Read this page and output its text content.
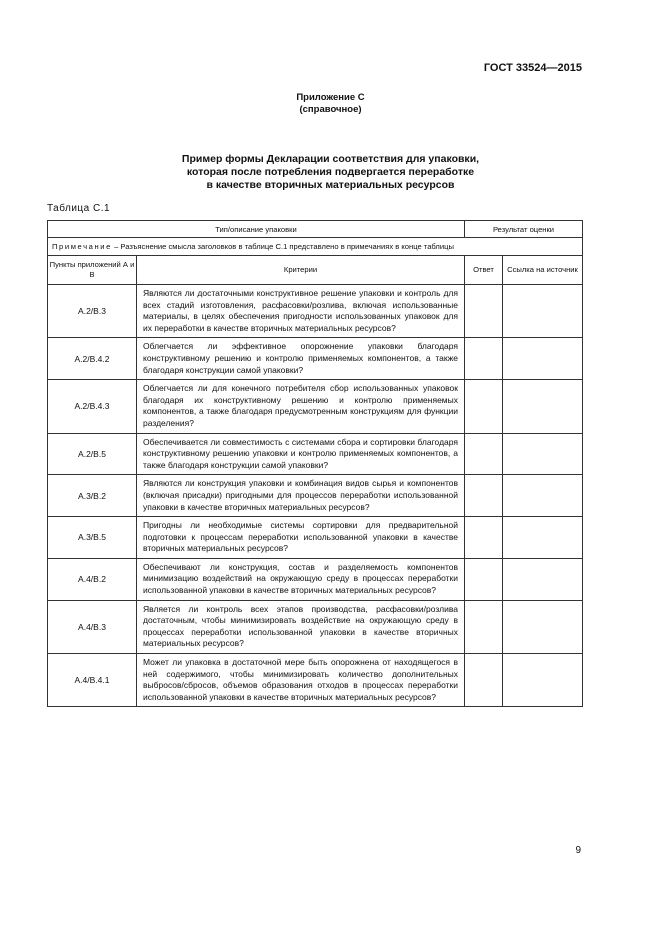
ГОСТ 33524—2015
Приложение С
(справочное)
Пример формы Декларации соответствия для упаковки,
которая после потребления подвергается переработке
в качестве вторичных материальных ресурсов
Таблица С.1
Тип/описание упаковки		Результат оценки	
Примечание – Разъяснение смысла заголовков в таблице С.1 представлено в примечаниях в конце таблицы			
Пункты приложений А и В	Критерии	Ответ	Ссылка на источник
A.2/B.3	Являются ли достаточными конструктивное решение упаковки и контроль для всех стадий изготовления, расфасовки/розлива, включая использованные материалы, в целях обеспечения пригодности использованных упаковок для их переработки в качестве вторичных материальных ресурсов?		
A.2/B.4.2	Облегчается ли эффективное опорожнение упаковки благодаря конструктивному решению и контролю применяемых компонентов, а также благодаря конструкции самой упаковки?		
A.2/B.4.3	Облегчается ли для конечного потребителя сбор использованных упаковок благодаря их конструктивному решению и контролю применяемых компонентов, а также благодаря предусмотренным конструкциям для функции разделения?		
A.2/B.5	Обеспечивается ли совместимость с системами сбора и сортировки благодаря конструктивному решению упаковки и контролю применяемых компонентов, а также благодаря конструкции самой упаковки?		
A.3/B.2	Являются ли конструкция упаковки и комбинация видов сырья и компонентов (включая присадки) пригодными для процессов переработки использованной упаковки в качестве вторичных материальных ресурсов?		
A.3/B.5	Пригодны ли необходимые системы сортировки для предварительной подготовки к процессам переработки использованной упаковки в качестве вторичных материальных ресурсов?		
A.4/B.2	Обеспечивают ли конструкция, состав и разделяемость компонентов минимизацию воздействий на окружающую среду в процессах переработки использованной упаковки в качестве вторичных материальных ресурсов?		
A.4/B.3	Является ли контроль всех этапов производства, расфасовки/розлива достаточным, чтобы минимизировать воздействие на окружающую среду в процессах переработки использованной упаковки в качестве вторичных материальных ресурсов?		
A.4/B.4.1	Может ли упаковка в достаточной мере быть опорожнена от находящегося в ней содержимого, чтобы минимизировать количество дополнительных выбросов/сбросов, объемов образования отходов в процессах переработки использованной упаковки в качестве вторичных материальных ресурсов?		
9
